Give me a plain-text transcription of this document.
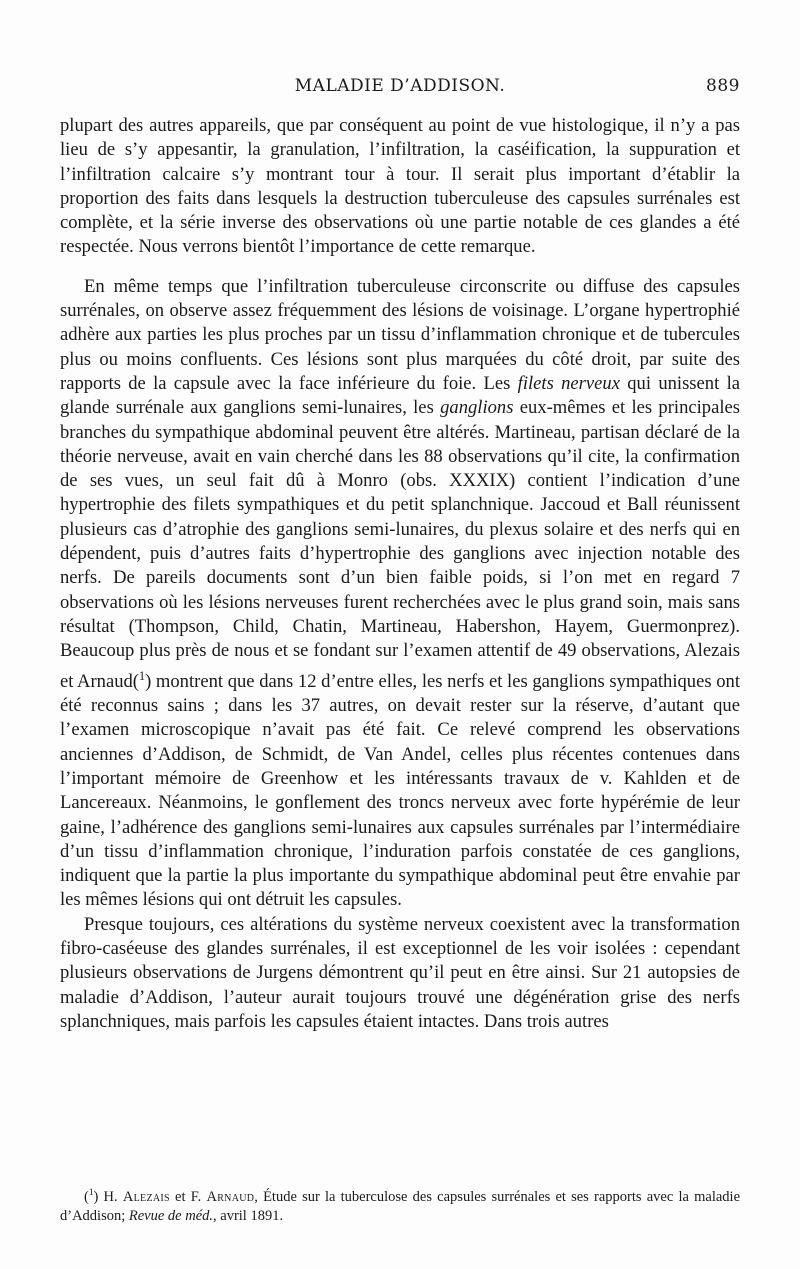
MALADIE D’ADDISON.	889

plupart des autres appareils, que par conséquent au point de vue histologique, il n’y a pas lieu de s’y appesantir, la granulation, l’infiltration, la caséification, la suppuration et l’infiltration calcaire s’y montrant tour à tour. Il serait plus important d’établir la proportion des faits dans lesquels la destruction tuberculeuse des capsules surrénales est complète, et la série inverse des observations où une partie notable de ces glandes a été respectée. Nous verrons bientôt l’importance de cette remarque.

En même temps que l’infiltration tuberculeuse circonscrite ou diffuse des capsules surrénales, on observe assez fréquemment des lésions de voisinage. L’organe hypertrophié adhère aux parties les plus proches par un tissu d’inflammation chronique et de tubercules plus ou moins confluents. Ces lésions sont plus marquées du côté droit, par suite des rapports de la capsule avec la face inférieure du foie. Les filets nerveux qui unissent la glande surrénale aux ganglions semi-lunaires, les ganglions eux-mêmes et les principales branches du sympathique abdominal peuvent être altérés. Martineau, partisan déclaré de la théorie nerveuse, avait en vain cherché dans les 88 observations qu’il cite, la confirmation de ses vues, un seul fait dû à Monro (obs. XXXIX) contient l’indication d’une hypertrophie des filets sympathiques et du petit splanchnique. Jaccoud et Ball réunissent plusieurs cas d’atrophie des ganglions semi-lunaires, du plexus solaire et des nerfs qui en dépendent, puis d’autres faits d’hypertrophie des ganglions avec injection notable des nerfs. De pareils documents sont d’un bien faible poids, si l’on met en regard 7 observations où les lésions nerveuses furent recherchées avec le plus grand soin, mais sans résultat (Thompson, Child, Chatin, Martineau, Habershon, Hayem, Guermonprez). Beaucoup plus près de nous et se fondant sur l’examen attentif de 49 observations, Alezais et Arnaud($^1$) montrent que dans 12 d’entre elles, les nerfs et les ganglions sympathiques ont été reconnus sains ; dans les 37 autres, on devait rester sur la réserve, d’autant que l’examen microscopique n’avait pas été fait. Ce relevé comprend les observations anciennes d’Addison, de Schmidt, de Van Andel, celles plus récentes contenues dans l’important mémoire de Greenhow et les intéressants travaux de v. Kahlden et de Lancereaux. Néanmoins, le gonflement des troncs nerveux avec forte hypérémie de leur gaine, l’adhérence des ganglions semi-lunaires aux capsules surrénales par l’intermédiaire d’un tissu d’inflammation chronique, l’induration parfois constatée de ces ganglions, indiquent que la partie la plus importante du sympathique abdominal peut être envahie par les mêmes lésions qui ont détruit les capsules.

Presque toujours, ces altérations du système nerveux coexistent avec la transformation fibro-caséeuse des glandes surrénales, il est exceptionnel de les voir isolées : cependant plusieurs observations de Jurgens démontrent qu’il peut en être ainsi. Sur 21 autopsies de maladie d’Addison, l’auteur aurait toujours trouvé une dégénération grise des nerfs splanchniques, mais parfois les capsules étaient intactes. Dans trois autres

($^1$) H. Alezais et F. Arnaud, Étude sur la tuberculose des capsules surrénales et ses rapports avec la maladie d’Addison; Revue de méd., avril 1891.
